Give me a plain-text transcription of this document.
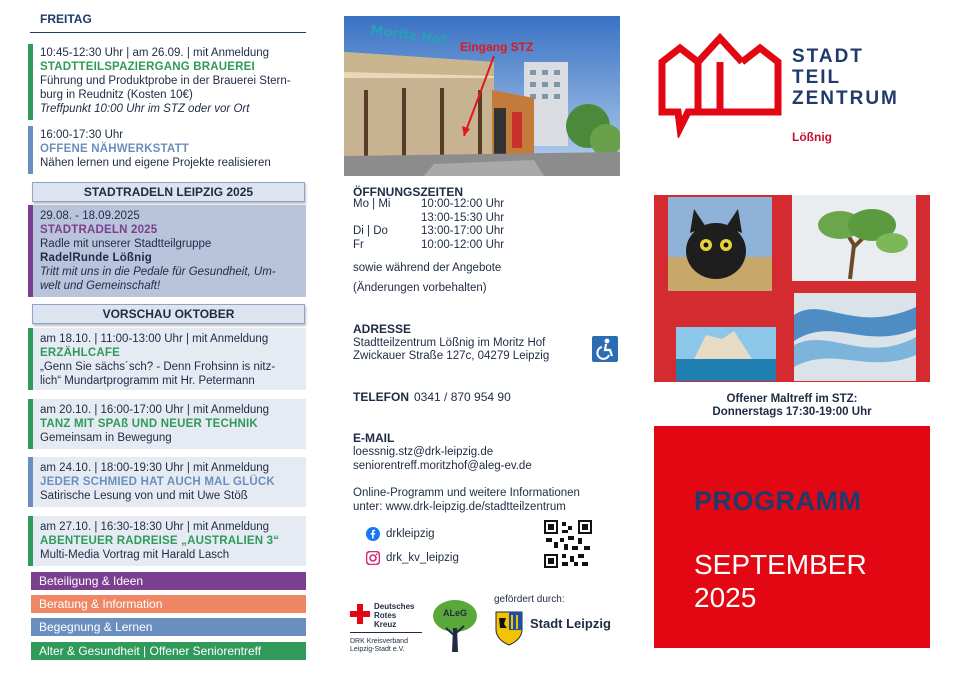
FREITAG
10:45-12:30 Uhr | am 26.09. | mit Anmeldung
STADTTEILSPAZIERGANG BRAUEREI
Führung und Produktprobe in der Brauerei Stern-
burg in Reudnitz (Kosten 10€)
Treffpunkt 10:00 Uhr im STZ oder vor Ort
16:00-17:30 Uhr
OFFENE NÄHWERKSTATT
Nähen lernen und eigene Projekte realisieren
STADTRADELN LEIPZIG 2025
29.08. - 18.09.2025
STADTRADELN 2025
Radle mit unserer Stadtteilgruppe
RadelRunde Lößnig
Tritt mit uns in die Pedale für Gesundheit, Um-
welt und Gemeinschaft!
VORSCHAU OKTOBER
am 18.10. | 11:00-13:00 Uhr | mit Anmeldung
ERZÄHLCAFE
„Genn Sie sächs´sch? - Denn Frohsinn is nitz-
lich“ Mundartprogramm mit Hr. Petermann
am 20.10. | 16:00-17:00 Uhr | mit Anmeldung
TANZ MIT SPAß UND NEUER TECHNIK
Gemeinsam in Bewegung
am 24.10. | 18:00-19:30 Uhr | mit Anmeldung
JEDER SCHMIED HAT AUCH MAL GLÜCK
Satirische Lesung von und mit Uwe Stöß
am 27.10. | 16:30-18:30 Uhr | mit Anmeldung
ABENTEUER RADREISE „AUSTRALIEN 3“
Multi-Media Vortrag mit Harald Lasch
Beteiligung & Ideen
Beratung & Information
Begegnung & Lernen
Alter & Gesundheit | Offener Seniorentreff
Moritz Hof Eingang STZ
ÖFFNUNGSZEITEN
Mo | Mi	10:00-12:00 Uhr
13:00-15:30 Uhr
Di | Do	13:00-17:00 Uhr
Fr	10:00-12:00 Uhr
sowie während der Angebote
(Änderungen vorbehalten)
ADRESSE
Stadtteilzentrum Lößnig im Moritz Hof
Zwickauer Straße 127c, 04279 Leipzig
TELEFON 0341 / 870 954 90
E-MAIL
loessnig.stz@drk-leipzig.de
seniorentreff.moritzhof@aleg-ev.de
Online-Programm und weitere Informationen
unter: www.drk-leipzig.de/stadtteilzentrum
drkleipzig
drk_kv_leipzig
Deutsches
Rotes
Kreuz
DRK Kreisverband
Leipzig-Stadt e.V.
ALeG
gefördert durch:
Stadt Leipzig
STADT
TEIL
ZENTRUM
Lößnig
Offener Maltreff im STZ:
Donnerstags 17:30-19:00 Uhr
PROGRAMM
SEPTEMBER
2025
